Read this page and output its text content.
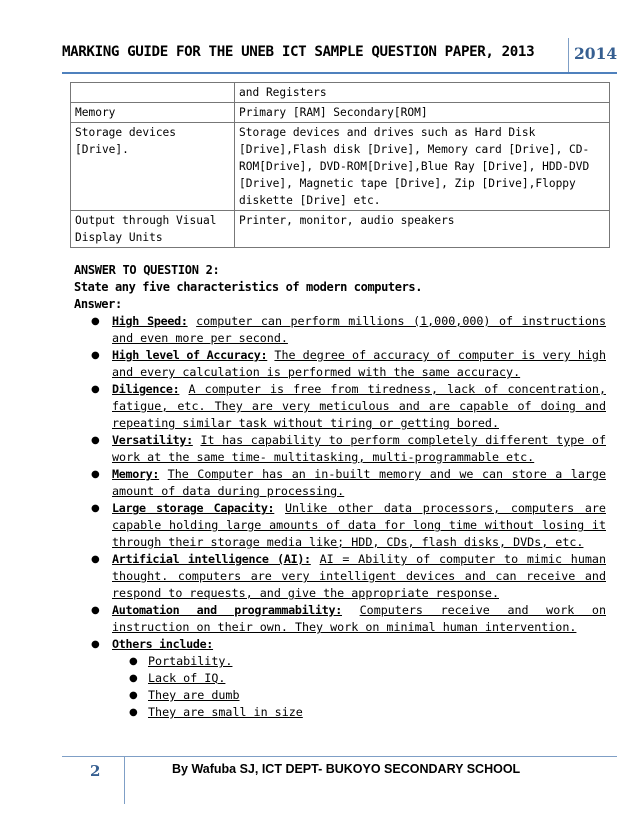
MARKING GUIDE FOR THE UNEB ICT SAMPLE QUESTION PAPER, 2013	2014
	and Registers
Memory	Primary [RAM] Secondary[ROM]
Storage devices [Drive].	Storage devices and drives such as Hard Disk [Drive],Flash disk [Drive], Memory card [Drive], CD-ROM[Drive], DVD-ROM[Drive],Blue Ray [Drive], HDD-DVD [Drive], Magnetic tape [Drive], Zip [Drive],Floppy diskette [Drive] etc.
Output through Visual Display Units	Printer, monitor, audio speakers
ANSWER TO QUESTION 2:

State any five characteristics of modern computers.

Answer:

● High Speed: computer can perform millions (1,000,000) of instructions and even more per second.
● High level of Accuracy: The degree of accuracy of computer is very high and every calculation is performed with the same accuracy.
● Diligence: A computer is free from tiredness, lack of concentration, fatigue, etc. They are very meticulous and are capable of doing and repeating similar task without tiring or getting bored.
● Versatility: It has capability to perform completely different type of work at the same time- multitasking, multi-programmable etc.
● Memory: The Computer has an in-built memory and we can store a large amount of data during processing.
● Large storage Capacity: Unlike other data processors, computers are capable holding large amounts of data for long time without losing it through their storage media like; HDD, CDs, flash disks, DVDs, etc.
● Artificial intelligence (AI): AI = Ability of computer to mimic human thought. computers are very intelligent devices and can receive and respond to requests, and give the appropriate response.
● Automation and programmability: Computers receive and work on instruction on their own. They work on minimal human intervention.
● Others include:
● Portability.
● Lack of IQ.
● They are dumb
● They are small in size
2	By Wafuba SJ, ICT DEPT- BUKOYO SECONDARY SCHOOL
